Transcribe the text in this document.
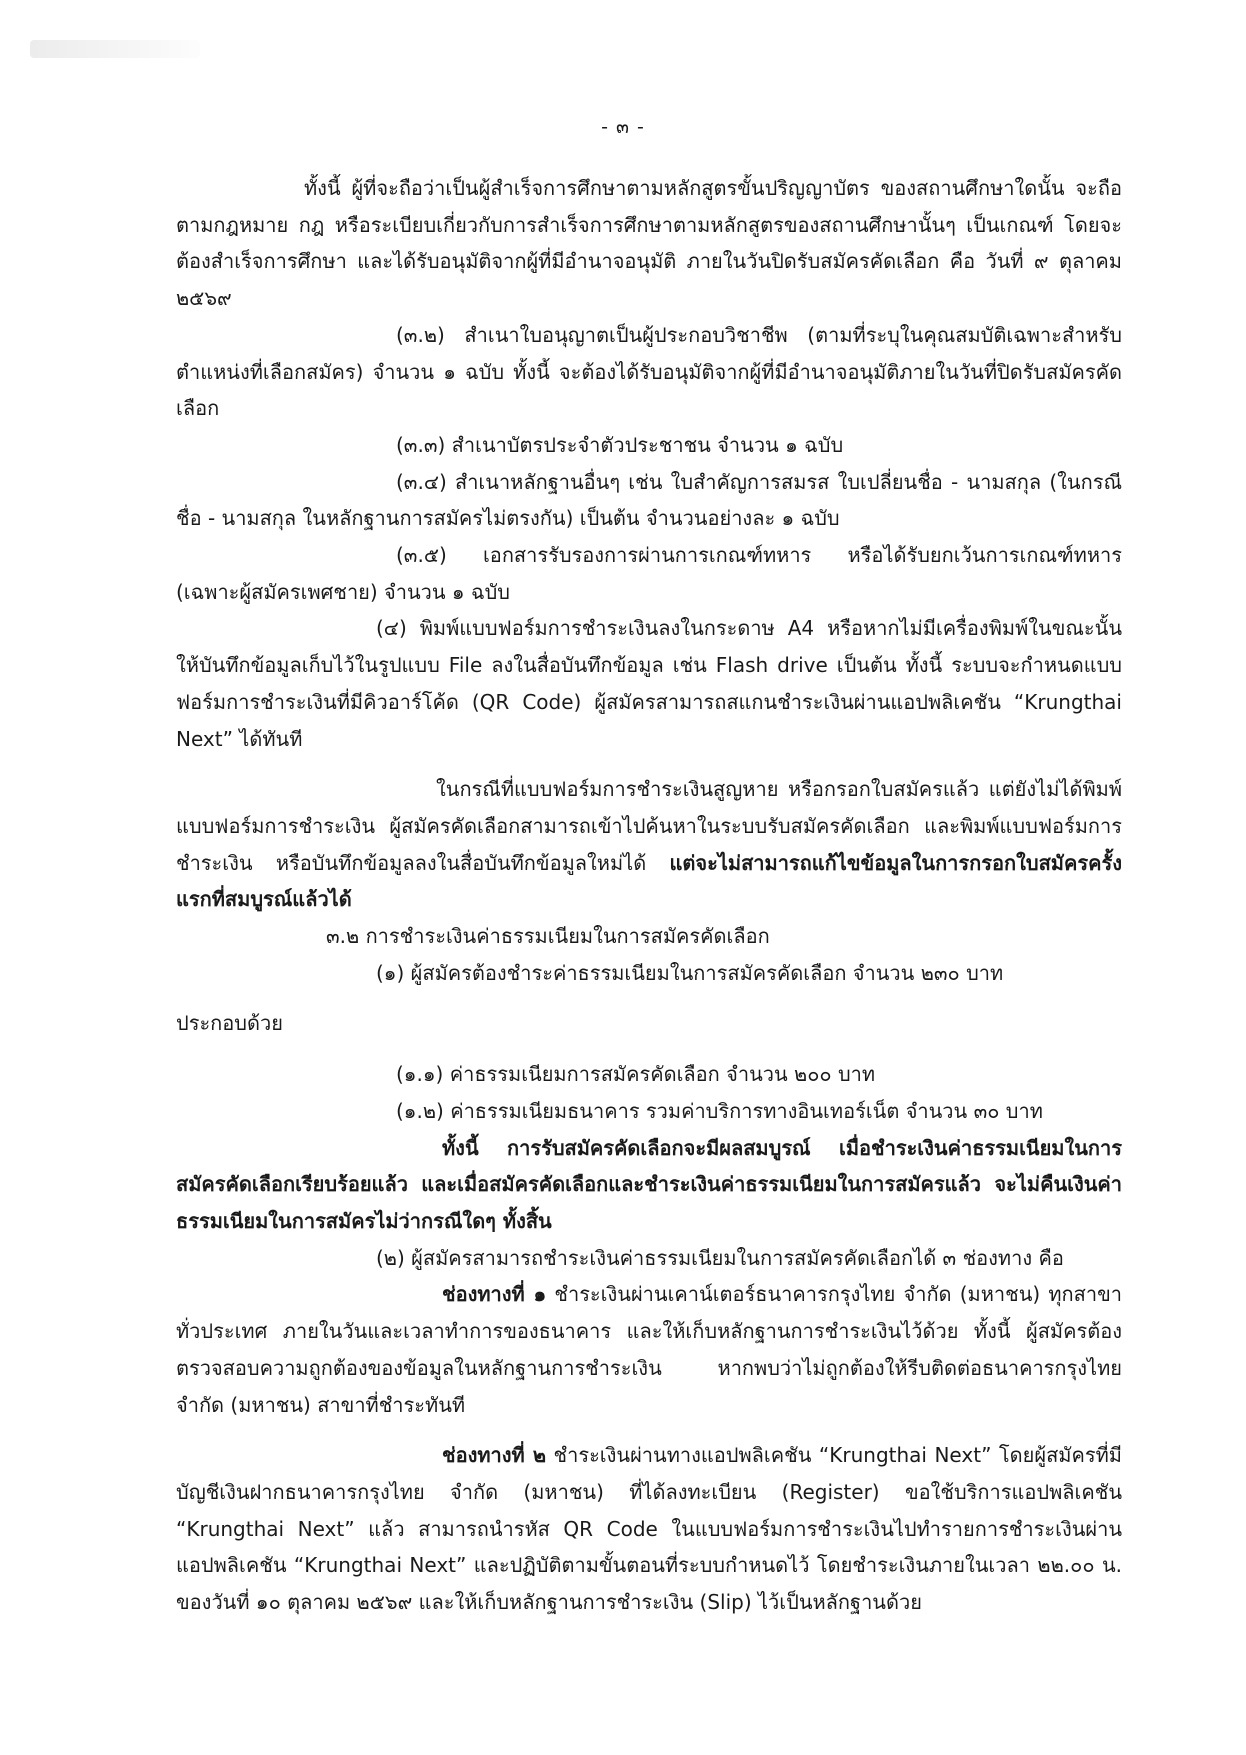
- ๓ -

ทั้งนี้ ผู้ที่จะถือว่าเป็นผู้สำเร็จการศึกษาตามหลักสูตรขั้นปริญญาบัตร ของสถานศึกษาใดนั้น จะถือตามกฎหมาย กฎ หรือระเบียบเกี่ยวกับการสำเร็จการศึกษาตามหลักสูตรของสถานศึกษานั้นๆ เป็นเกณฑ์ โดยจะต้องสำเร็จการศึกษา และได้รับอนุมัติจากผู้ที่มีอำนาจอนุมัติ ภายในวันปิดรับสมัครคัดเลือก คือ วันที่ ๙ ตุลาคม ๒๕๖๙

(๓.๒) สำเนาใบอนุญาตเป็นผู้ประกอบวิชาชีพ (ตามที่ระบุในคุณสมบัติเฉพาะสำหรับตำแหน่งที่เลือกสมัคร) จำนวน ๑ ฉบับ ทั้งนี้ จะต้องได้รับอนุมัติจากผู้ที่มีอำนาจอนุมัติภายในวันที่ปิดรับสมัครคัดเลือก

(๓.๓) สำเนาบัตรประจำตัวประชาชน จำนวน ๑ ฉบับ

(๓.๔) สำเนาหลักฐานอื่นๆ เช่น ใบสำคัญการสมรส ใบเปลี่ยนชื่อ - นามสกุล (ในกรณีชื่อ - นามสกุล ในหลักฐานการสมัครไม่ตรงกัน) เป็นต้น จำนวนอย่างละ ๑ ฉบับ

(๓.๕) เอกสารรับรองการผ่านการเกณฑ์ทหาร หรือได้รับยกเว้นการเกณฑ์ทหาร (เฉพาะผู้สมัครเพศชาย) จำนวน ๑ ฉบับ

(๔) พิมพ์แบบฟอร์มการชำระเงินลงในกระดาษ A4 หรือหากไม่มีเครื่องพิมพ์ในขณะนั้น ให้บันทึกข้อมูลเก็บไว้ในรูปแบบ File ลงในสื่อบันทึกข้อมูล เช่น Flash drive เป็นต้น ทั้งนี้ ระบบจะกำหนดแบบฟอร์มการชำระเงินที่มีคิวอาร์โค้ด (QR Code) ผู้สมัครสามารถสแกนชำระเงินผ่านแอปพลิเคชัน “Krungthai Next” ได้ทันที

ในกรณีที่แบบฟอร์มการชำระเงินสูญหาย หรือกรอกใบสมัครแล้ว แต่ยังไม่ได้พิมพ์แบบฟอร์มการชำระเงิน ผู้สมัครคัดเลือกสามารถเข้าไปค้นหาในระบบรับสมัครคัดเลือก และพิมพ์แบบฟอร์มการชำระเงิน หรือบันทึกข้อมูลลงในสื่อบันทึกข้อมูลใหม่ได้ แต่จะไม่สามารถแก้ไขข้อมูลในการกรอกใบสมัครครั้งแรกที่สมบูรณ์แล้วได้

๓.๒ การชำระเงินค่าธรรมเนียมในการสมัครคัดเลือก

(๑) ผู้สมัครต้องชำระค่าธรรมเนียมในการสมัครคัดเลือก จำนวน ๒๓๐ บาท

ประกอบด้วย

(๑.๑) ค่าธรรมเนียมการสมัครคัดเลือก จำนวน ๒๐๐ บาท

(๑.๒) ค่าธรรมเนียมธนาคาร รวมค่าบริการทางอินเทอร์เน็ต จำนวน ๓๐ บาท

ทั้งนี้ การรับสมัครคัดเลือกจะมีผลสมบูรณ์ เมื่อชำระเงินค่าธรรมเนียมในการสมัครคัดเลือกเรียบร้อยแล้ว และเมื่อสมัครคัดเลือกและชำระเงินค่าธรรมเนียมในการสมัครแล้ว จะไม่คืนเงินค่าธรรมเนียมในการสมัครไม่ว่ากรณีใดๆ ทั้งสิ้น

(๒) ผู้สมัครสามารถชำระเงินค่าธรรมเนียมในการสมัครคัดเลือกได้ ๓ ช่องทาง คือ

ช่องทางที่ ๑ ชำระเงินผ่านเคาน์เตอร์ธนาคารกรุงไทย จำกัด (มหาชน) ทุกสาขาทั่วประเทศ ภายในวันและเวลาทำการของธนาคาร และให้เก็บหลักฐานการชำระเงินไว้ด้วย ทั้งนี้ ผู้สมัครต้องตรวจสอบความถูกต้องของข้อมูลในหลักฐานการชำระเงิน หากพบว่าไม่ถูกต้องให้รีบติดต่อธนาคารกรุงไทย จำกัด (มหาชน) สาขาที่ชำระทันที

ช่องทางที่ ๒ ชำระเงินผ่านทางแอปพลิเคชัน “Krungthai Next” โดยผู้สมัครที่มีบัญชีเงินฝากธนาคารกรุงไทย จำกัด (มหาชน) ที่ได้ลงทะเบียน (Register) ขอใช้บริการแอปพลิเคชัน “Krungthai Next” แล้ว สามารถนำรหัส QR Code ในแบบฟอร์มการชำระเงินไปทำรายการชำระเงินผ่านแอปพลิเคชัน “Krungthai Next” และปฏิบัติตามขั้นตอนที่ระบบกำหนดไว้ โดยชำระเงินภายในเวลา ๒๒.๐๐ น. ของวันที่ ๑๐ ตุลาคม ๒๕๖๙ และให้เก็บหลักฐานการชำระเงิน (Slip) ไว้เป็นหลักฐานด้วย
